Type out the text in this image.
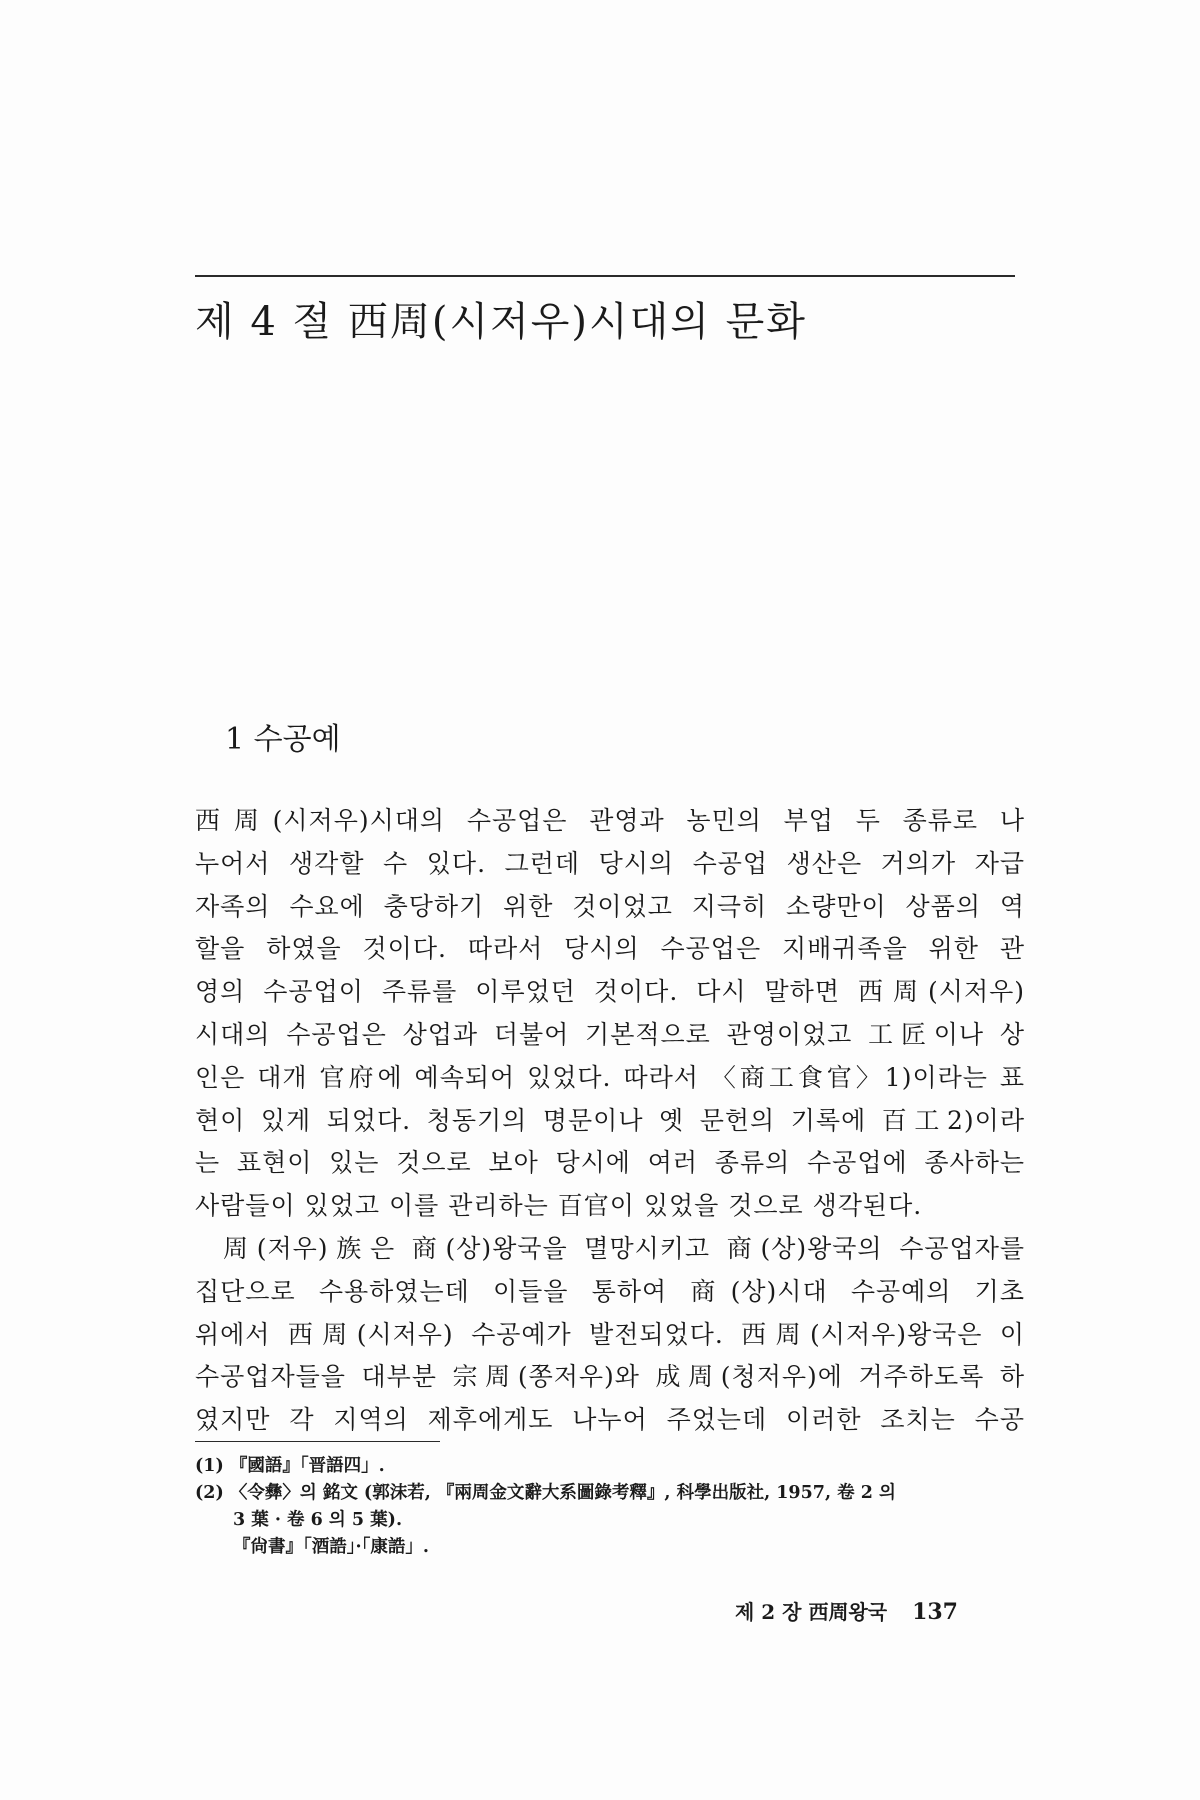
제 4 절 西周(시저우)시대의 문화
1 수공예

西周(시저우)시대의 수공업은 관영과 농민의 부업 두 종류로 나
누어서 생각할 수 있다. 그런데 당시의 수공업 생산은 거의가 자급
자족의 수요에 충당하기 위한 것이었고 지극히 소량만이 상품의 역
할을 하였을 것이다. 따라서 당시의 수공업은 지배귀족을 위한 관
영의 수공업이 주류를 이루었던 것이다. 다시 말하면 西周(시저우)
시대의 수공업은 상업과 더불어 기본적으로 관영이었고 工匠이나 상
인은 대개 官府에 예속되어 있었다. 따라서 〈商工食官〉1)이라는 표
현이 있게 되었다. 청동기의 명문이나 옛 문헌의 기록에 百工2)이라
는 표현이 있는 것으로 보아 당시에 여러 종류의 수공업에 종사하는
사람들이 있었고 이를 관리하는 百官이 있었을 것으로 생각된다.

周(저우)族은 商(상)왕국을 멸망시키고 商(상)왕국의 수공업자를
집단으로 수용하였는데 이들을 통하여 商(상)시대 수공예의 기초
위에서 西周(시저우) 수공예가 발전되었다. 西周(시저우)왕국은 이
수공업자들을 대부분 宗周(쫑저우)와 成周(청저우)에 거주하도록 하
였지만 각 지역의 제후에게도 나누어 주었는데 이러한 조치는 수공

(1) 『國語』「晋語四」.
(2) 〈令彝〉의 銘文 (郭沫若, 『兩周金文辭大系圖錄考釋』, 科學出版社, 1957, 卷 2 의
3 葉 · 卷 6 의 5 葉).
『尙書』「酒誥」·「康誥」.
제 2 장 西周왕국 137
